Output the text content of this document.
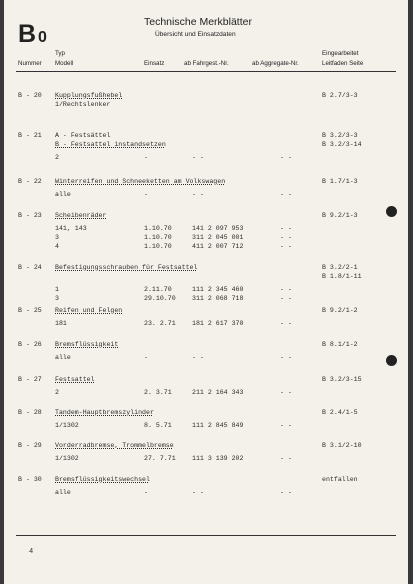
B 0
Technische Merkblätter
Übersicht und Einsatzdaten
Typ
Nummer Modell	Einsatz	ab Fahrgest.-Nr.	ab Aggregate-Nr.
Eingearbeitet
Leitfaden Seite
B - 20 Kupplungsfußhebel	B 2.7/3-3
1/Rechtslenker
B - 21 A - Festsättel	B 3.2/3-3
B - Festsattel instandsetzen	B 3.2/3-14
2	-	- -	- -
B - 22 Winterreifen und Schneeketten am Volkswagen	B 1.7/1-3
alle	-	- -	- -
B - 23 Scheibenräder	B 9.2/1-3
141, 143	1.10.70	141 2 097 953	- -
3	1.10.70	311 2 045 001	- -
4	1.10.70	411 2 007 712	- -
B - 24 Befestigungsschrauben für Festsattel	B 3.2/2-1
B 1.8/1-11
1	2.11.70	111 2 345 460	- -
3	29.10.70 311 2 068 718	- -
B - 25 Reifen und Felgen	B 9.2/1-2
181	23. 2.71 181 2 617 370	- -
B - 26 Bremsflüssigkeit	B 8.1/1-2
alle	-	- -	- -
B - 27 Festsattel	B 3.2/3-15
2	2. 3.71	211 2 164 343	- -
B - 28 Tandem-Hauptbremszylinder	B 2.4/1-5
1/1302	8. 5.71	111 2 845 849	- -
B - 29 Vorderradbremse, Trommelbremse	B 3.1/2-10
1/1302	27. 7.71 111 3 139 202	- -
B - 30 Bremsflüssigkeitswechsel	entfallen
alle	-	- -	- -
4
